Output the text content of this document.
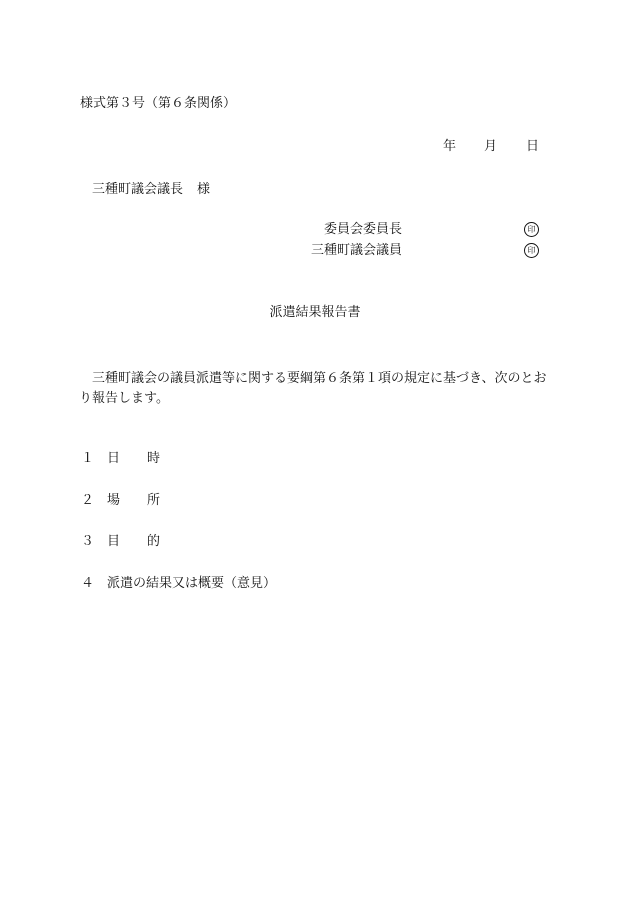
様式第３号（第６条関係）
年 月 日
三種町議会議長 様
委員会委員長	印
三種町議会議員	印
派遣結果報告書
三種町議会の議員派遣等に関する要綱第６条第１項の規定に基づき、次のとおり報告します。
１ 日時
２ 場所
３ 目的
４ 派遣の結果又は概要（意見）
